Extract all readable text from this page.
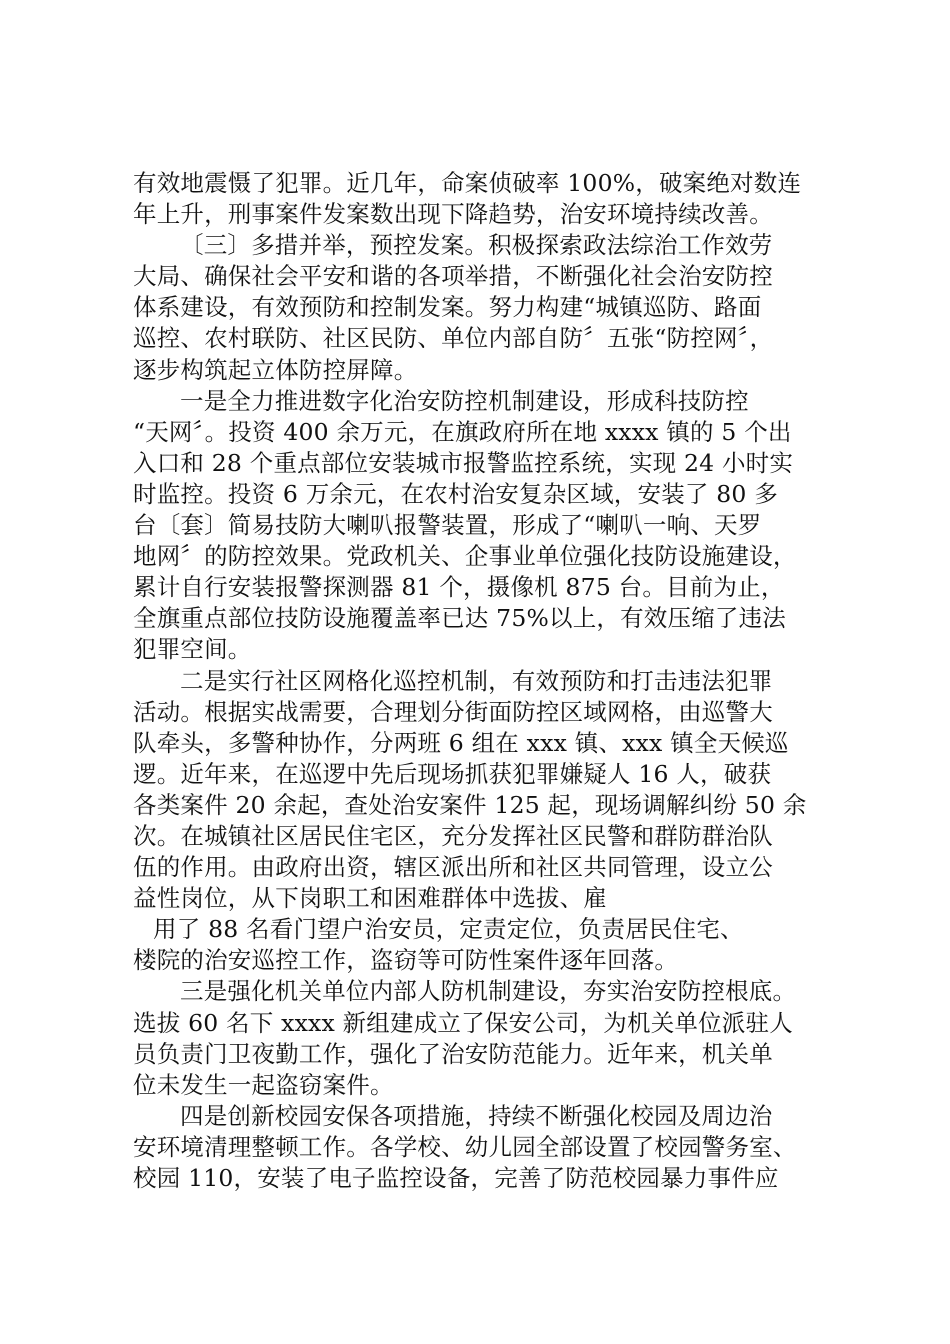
有效地震慑了犯罪。近几年，命案侦破率 100%，破案绝对数连
年上升，刑事案件发案数出现下降趋势，治安环境持续改善。
〔三〕多措并举，预控发案。积极探索政法综治工作效劳
大局、确保社会平安和谐的各项举措，不断强化社会治安防控
体系建设，有效预防和控制发案。努力构建“城镇巡防、路面
巡控、农村联防、社区民防、单位内部自防〞五张“防控网〞，
逐步构筑起立体防控屏障。
一是全力推进数字化治安防控机制建设，形成科技防控
“天网〞。投资 400 余万元，在旗政府所在地 xxxx 镇的 5 个出
入口和 28 个重点部位安装城市报警监控系统，实现 24 小时实
时监控。投资 6 万余元，在农村治安复杂区域，安装了 80 多
台〔套〕简易技防大喇叭报警装置，形成了“喇叭一响、天罗
地网〞的防控效果。党政机关、企事业单位强化技防设施建设，
累计自行安装报警探测器 81 个，摄像机 875 台。目前为止，
全旗重点部位技防设施覆盖率已达 75%以上，有效压缩了违法
犯罪空间。
二是实行社区网格化巡控机制，有效预防和打击违法犯罪
活动。根据实战需要，合理划分街面防控区域网格，由巡警大
队牵头，多警种协作，分两班 6 组在 xxx 镇、xxx 镇全天候巡
逻。近年来，在巡逻中先后现场抓获犯罪嫌疑人 16 人，破获
各类案件 20 余起，查处治安案件 125 起，现场调解纠纷 50 余
次。在城镇社区居民住宅区，充分发挥社区民警和群防群治队
伍的作用。由政府出资，辖区派出所和社区共同管理，设立公
益性岗位，从下岗职工和困难群体中选拔、雇
用了 88 名看门望户治安员，定责定位，负责居民住宅、
楼院的治安巡控工作，盗窃等可防性案件逐年回落。
三是强化机关单位内部人防机制建设，夯实治安防控根底。
选拔 60 名下 xxxx 新组建成立了保安公司，为机关单位派驻人
员负责门卫夜勤工作，强化了治安防范能力。近年来，机关单
位未发生一起盗窃案件。
四是创新校园安保各项措施，持续不断强化校园及周边治
安环境清理整顿工作。各学校、幼儿园全部设置了校园警务室、
校园 110，安装了电子监控设备，完善了防范校园暴力事件应
